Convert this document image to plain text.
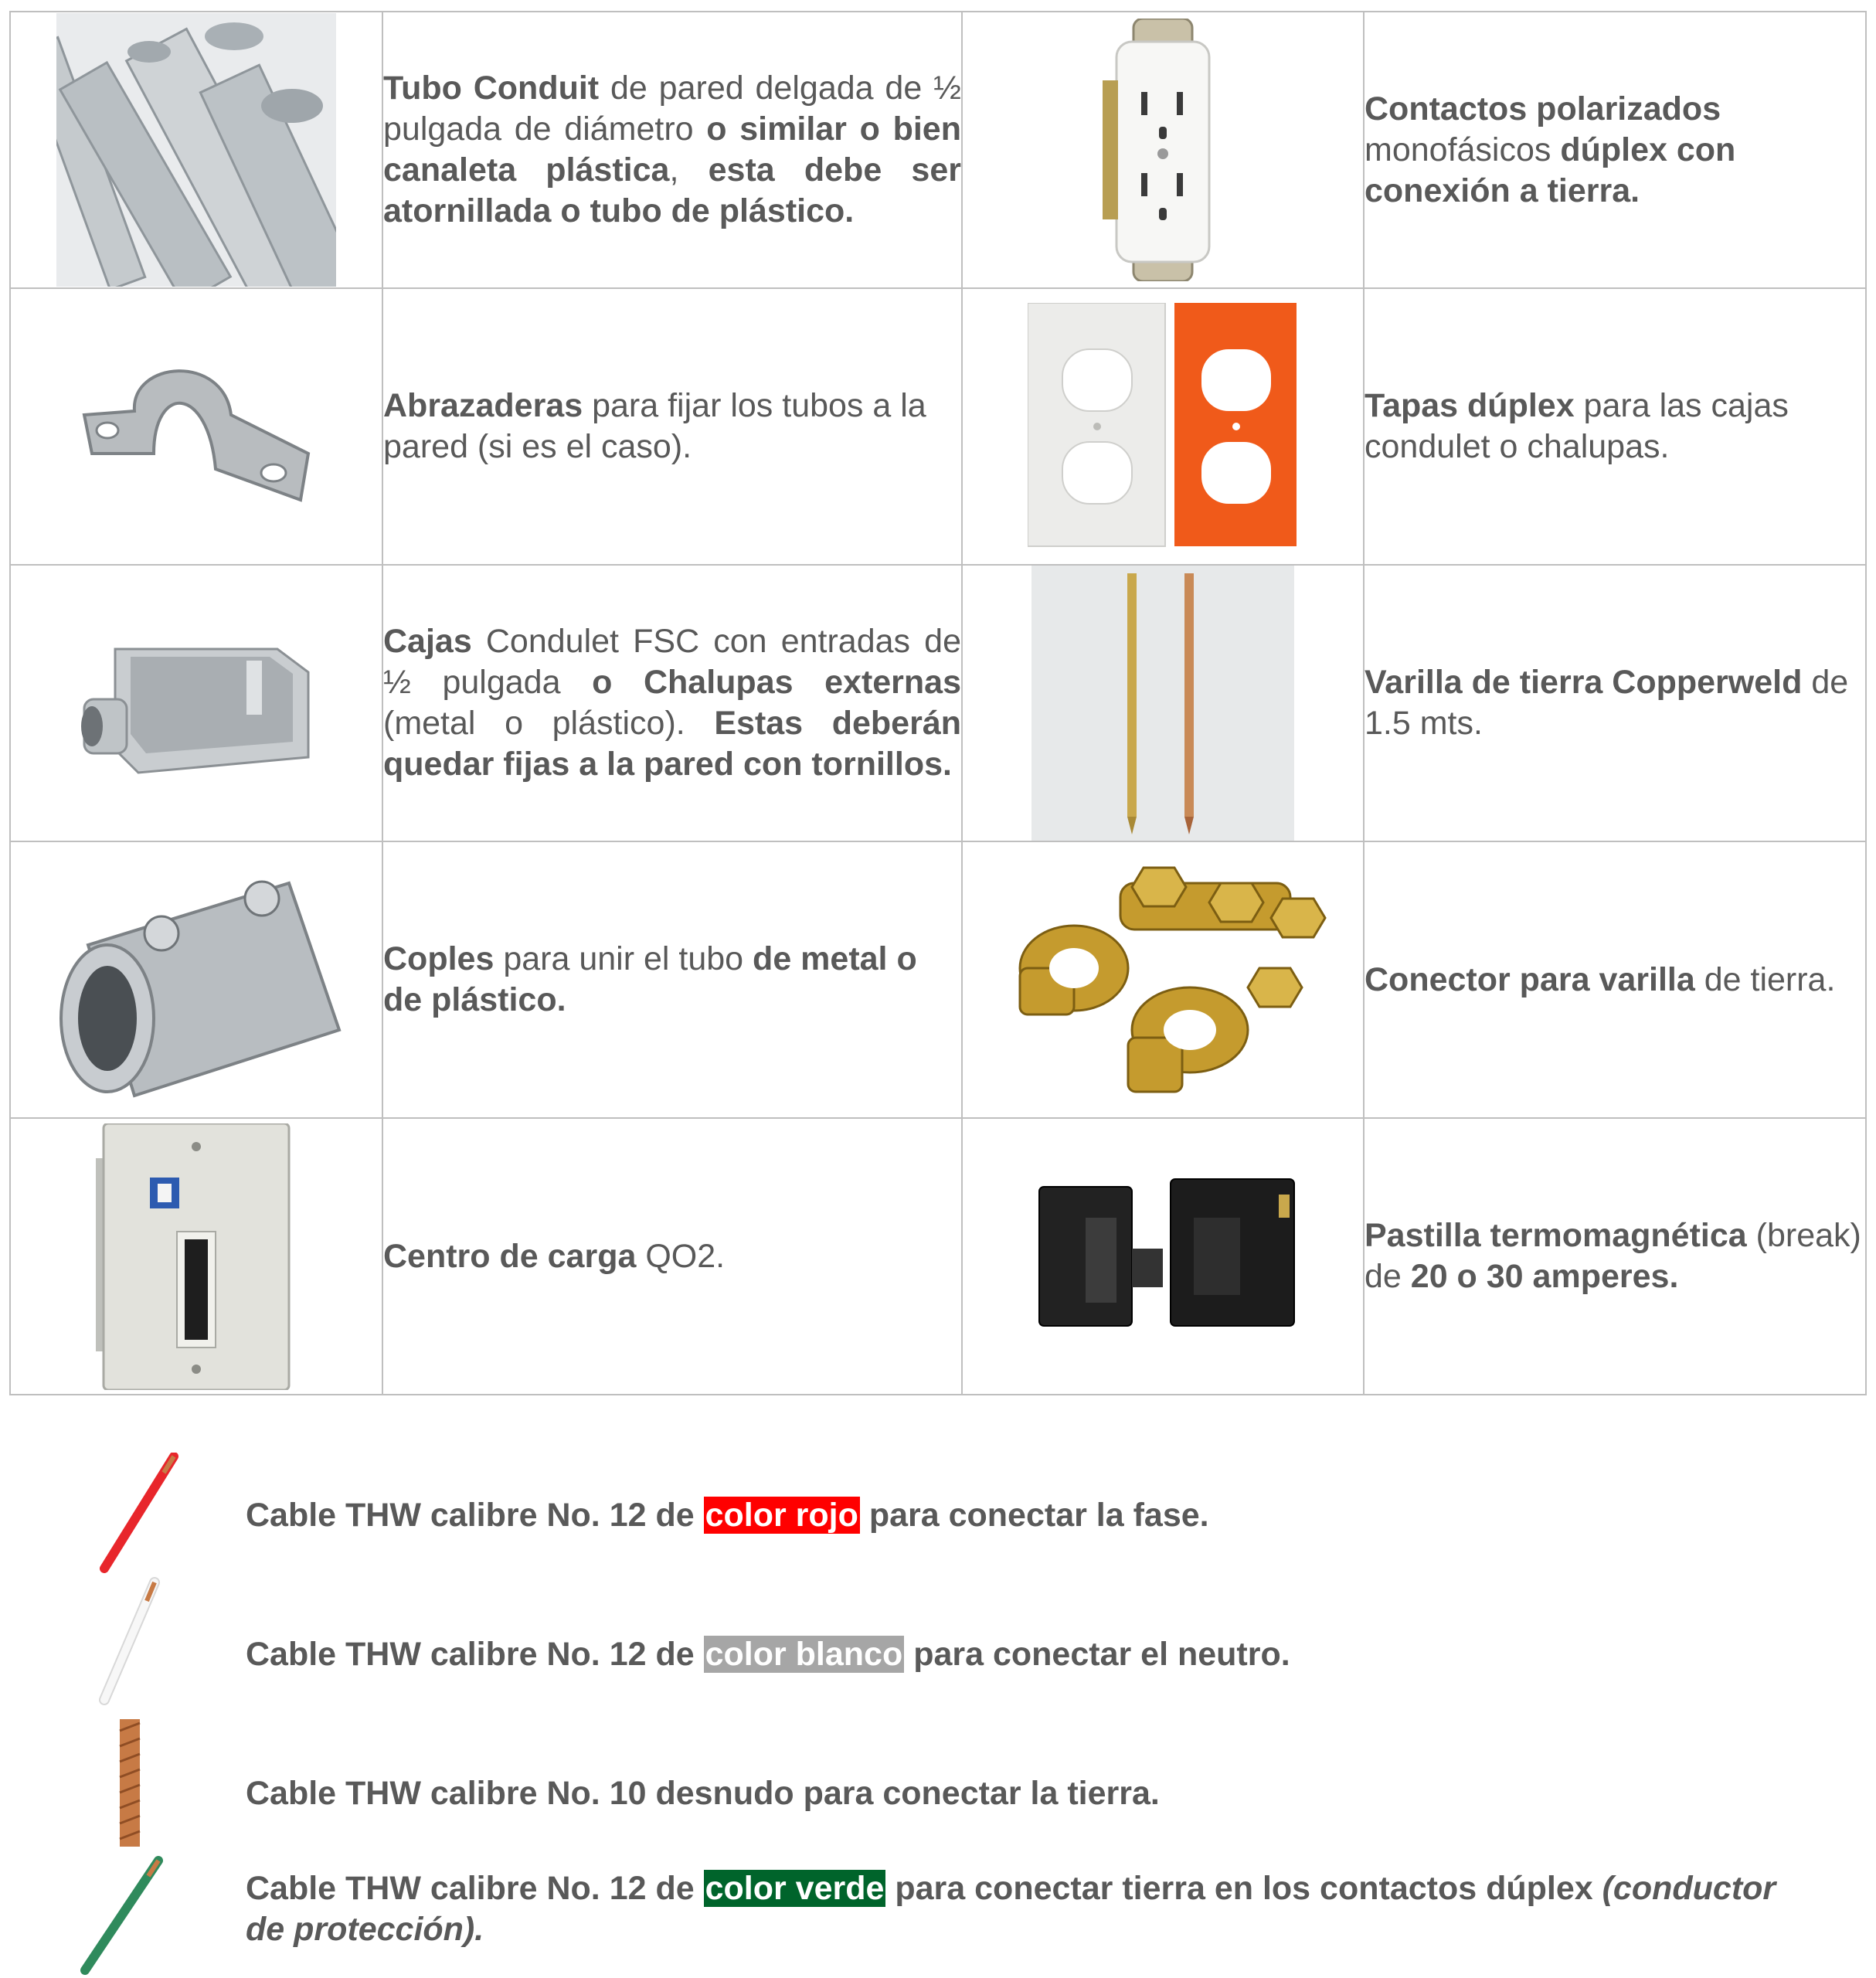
	Tubo Conduit de pared delgada de ½ pulgada de diámetro o similar o bien canaleta plástica, esta debe ser atornillada o tubo de plástico.		Contactos polarizados monofásicos dúplex con conexión a tierra.

	Abrazaderas para fijar los tubos a la pared (si es el caso).		Tapas dúplex para las cajas condulet o chalupas.

	Cajas Condulet FSC con entradas de ½ pulgada o Chalupas externas (metal o plástico). Estas deberán quedar fijas a la pared con tornillos.		Varilla de tierra Copperweld de 1.5 mts.

	Coples para unir el tubo de metal o de plástico.		Conector para varilla de tierra.

	Centro de carga QO2.		Pastilla termomagnética (break) de 20 o 30 amperes.
Cable THW calibre No. 12 de color rojo para conectar la fase.
Cable THW calibre No. 12 de color blanco para conectar el neutro.
Cable THW calibre No. 10 desnudo para conectar la tierra.
Cable THW calibre No. 12 de color verde para conectar tierra en los contactos dúplex (conductor de protección).
